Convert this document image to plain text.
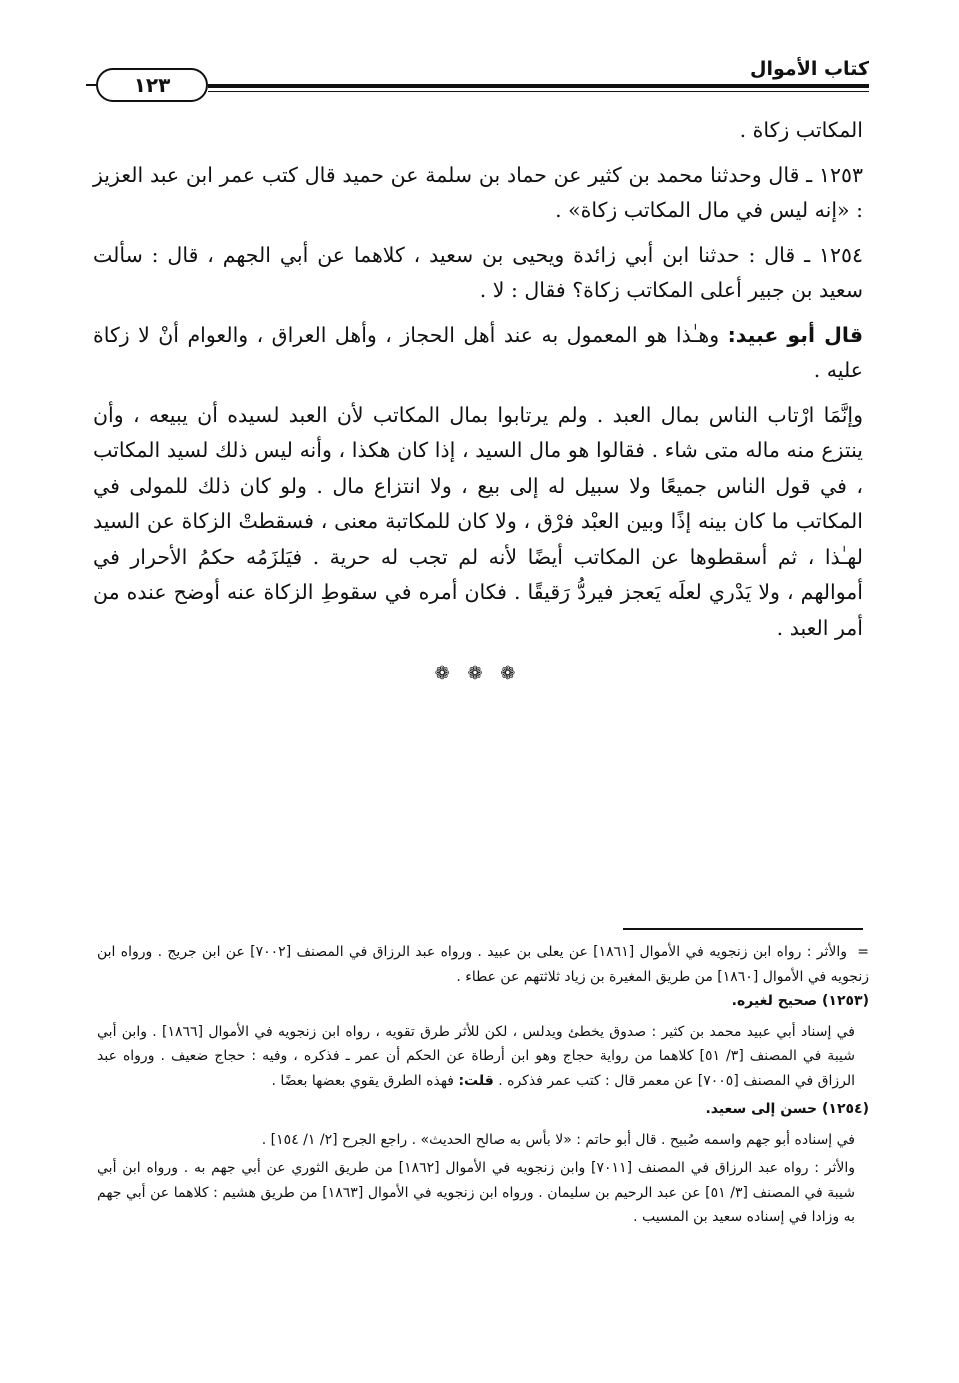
كتاب الأموال
١٢٣

المكاتب زكاة .

١٢٥٣ ـ قال وحدثنا محمد بن كثير عن حماد بن سلمة عن حميد قال كتب عمر ابن عبد العزيز : «إنه ليس في مال المكاتب زكاة» .

١٢٥٤ ـ قال : حدثنا ابن أبي زائدة ويحيى بن سعيد ، كلاهما عن أبي الجهم ، قال : سألت سعيد بن جبير أعلى المكاتب زكاة؟ فقال : لا .

قال أبو عبيد: وهـٰذا هو المعمول به عند أهل الحجاز ، وأهل العراق ، والعوام أنْ لا زكاة عليه .

وإنَّمَا ارْتاب الناس بمال العبد . ولم يرتابوا بمال المكاتب لأن العبد لسيده أن يبيعه ، وأن ينتزع منه ماله متى شاء . فقالوا هو مال السيد ، إذا كان هكذا ، وأنه ليس ذلك لسيد المكاتب ، في قول الناس جميعًا ولا سبيل له إلى بيع ، ولا انتزاع مال . ولو كان ذلك للمولى في المكاتب ما كان بينه إذًا وبين العبْد فرْق ، ولا كان للمكاتبة معنى ، فسقطتْ الزكاة عن السيد لهـٰذا ، ثم أسقطوها عن المكاتب أيضًا لأنه لم تجب له حرية . فيَلزَمُه حكمُ الأحرار في أموالهم ، ولا يَدْري لعلَه يَعجز فيردُّ رَقيقًا . فكان أمره في سقوطِ الزكاة عنه أوضح عنده من أمر العبد .

❁ ❁ ❁

=والأثر : رواه ابن زنجويه في الأموال [١٨٦١] عن يعلى بن عبيد . ورواه عبد الرزاق في المصنف [٧٠٠٢] عن ابن جريج . ورواه ابن زنجويه في الأموال [١٨٦٠] من طريق المغيرة بن زياد ثلاثتهم عن عطاء .

(١٢٥٣) صحيح لغيره.

في إسناد أبي عبيد محمد بن كثير : صدوق يخطئ ويدلس ، لكن للأثر طرق تقويه ، رواه ابن زنجويه في الأموال [١٨٦٦] . وابن أبي شيبة في المصنف [٣/ ٥١] كلاهما من رواية حجاج وهو ابن أرطاة عن الحكم أن عمر ـ فذكره ، وفيه : حجاج ضعيف . ورواه عبد الرزاق في المصنف [٧٠٠٥] عن معمر قال : كتب عمر فذكره . قلت: فهذه الطرق يقوي بعضها بعضًا .

(١٢٥٤) حسن إلى سعيد.

في إسناده أبو جهم واسمه صُبيح . قال أبو حاتم : «لا بأس به صالح الحديث» . راجع الجرح [٢/ ١/ ١٥٤] .

والأثر : رواه عبد الرزاق في المصنف [٧٠١١] وابن زنجويه في الأموال [١٨٦٢] من طريق الثوري عن أبي جهم به . ورواه ابن أبي شيبة في المصنف [٣/ ٥١] عن عبد الرحيم بن سليمان . ورواه ابن زنجويه في الأموال [١٨٦٣] من طريق هشيم : كلاهما عن أبي جهم به وزادا في إسناده سعيد بن المسيب .
